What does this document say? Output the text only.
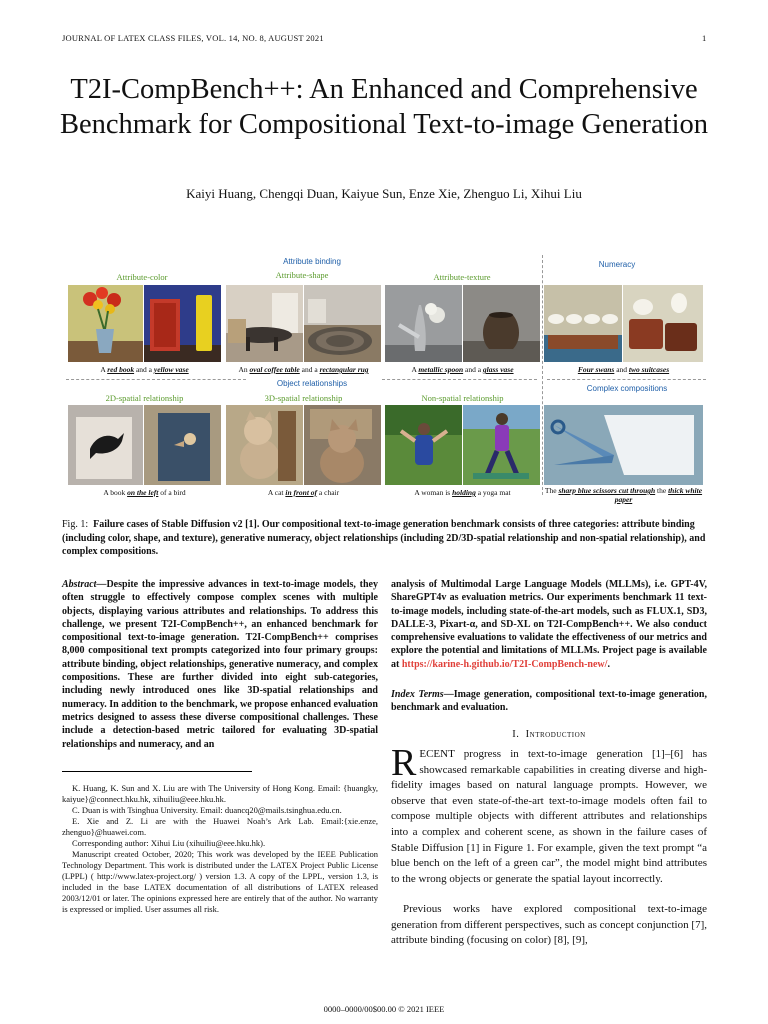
JOURNAL OF LATEX CLASS FILES, VOL. 14, NO. 8, AUGUST 2021	1
T2I-CompBench++: An Enhanced and Comprehensive Benchmark for Compositional Text-to-image Generation
Kaiyi Huang, Chengqi Duan, Kaiyue Sun, Enze Xie, Zhenguo Li, Xihui Liu
Attribute binding	Numeracy
Object relationships
Complex compositions
Attribute-color	Attribute-shape	Attribute-texture
A red book and a yellow vase	An oval coffee table and a rectangular rug	A metallic spoon and a glass vase	Four swans and two suitcases
2D-spatial relationship	3D-spatial relationship	Non-spatial relationship
A book on the left of a bird	A cat in front of a chair	A woman is holding a yoga mat	The sharp blue scissors cut through the thick white paper
Fig. 1: Failure cases of Stable Diffusion v2 [1]. Our compositional text-to-image generation benchmark consists of three categories: attribute binding (including color, shape, and texture), generative numeracy, object relationships (including 2D/3D-spatial relationship and non-spatial relationship), and complex compositions.
Abstract—Despite the impressive advances in text-to-image models, they often struggle to effectively compose complex scenes with multiple objects, displaying various attributes and relationships. To address this challenge, we present T2I-CompBench++, an enhanced benchmark for compositional text-to-image generation. T2I-CompBench++ comprises 8,000 compositional text prompts categorized into four primary groups: attribute binding, object relationships, generative numeracy, and complex compositions. These are further divided into eight sub-categories, including newly introduced ones like 3D-spatial relationships and numeracy. In addition to the benchmark, we propose enhanced evaluation metrics designed to assess these diverse compositional challenges. These include a detection-based metric tailored for evaluating 3D-spatial relationships and numeracy, and an
K. Huang, K. Sun and X. Liu are with The University of Hong Kong. Email: {huangky, kaiyue}@connect.hku.hk, xihuiliu@eee.hku.hk.
C. Duan is with Tsinghua University. Email: duancq20@mails.tsinghua.edu.cn.
E. Xie and Z. Li are with the Huawei Noah’s Ark Lab. Email:{xie.enze, zhenguo}@huawei.com.
Corresponding author: Xihui Liu (xihuiliu@eee.hku.hk).
Manuscript created October, 2020; This work was developed by the IEEE Publication Technology Department. This work is distributed under the LATEX Project Public License (LPPL) ( http://www.latex-project.org/ ) version 1.3. A copy of the LPPL, version 1.3, is included in the base LATEX documentation of all distributions of LATEX released 2003/12/01 or later. The opinions expressed here are entirely that of the author. No warranty is expressed or implied. User assumes all risk.
analysis of Multimodal Large Language Models (MLLMs), i.e. GPT-4V, ShareGPT4v as evaluation metrics. Our experiments benchmark 11 text-to-image models, including state-of-the-art models, such as FLUX.1, SD3, DALLE-3, Pixart-α, and SD-XL on T2I-CompBench++. We also conduct comprehensive evaluations to validate the effectiveness of our metrics and explore the potential and limitations of MLLMs. Project page is available at https://karine-h.github.io/T2I-CompBench-new/.
Index Terms—Image generation, compositional text-to-image generation, benchmark and evaluation.
I. Introduction
RECENT progress in text-to-image generation [1]–[6] has showcased remarkable capabilities in creating diverse and high-fidelity images based on natural language prompts. However, we observe that even state-of-the-art text-to-image models often fail to compose multiple objects with different attributes and relationships into a complex and coherent scene, as shown in the failure cases of Stable Diffusion [1] in Figure 1. For example, given the text prompt “a blue bench on the left of a green car”, the model might bind attributes to the wrong objects or generate the spatial layout incorrectly.
Previous works have explored compositional text-to-image generation from different perspectives, such as concept conjunction [7], attribute binding (focusing on color) [8], [9],
0000–0000/00$00.00 © 2021 IEEE
